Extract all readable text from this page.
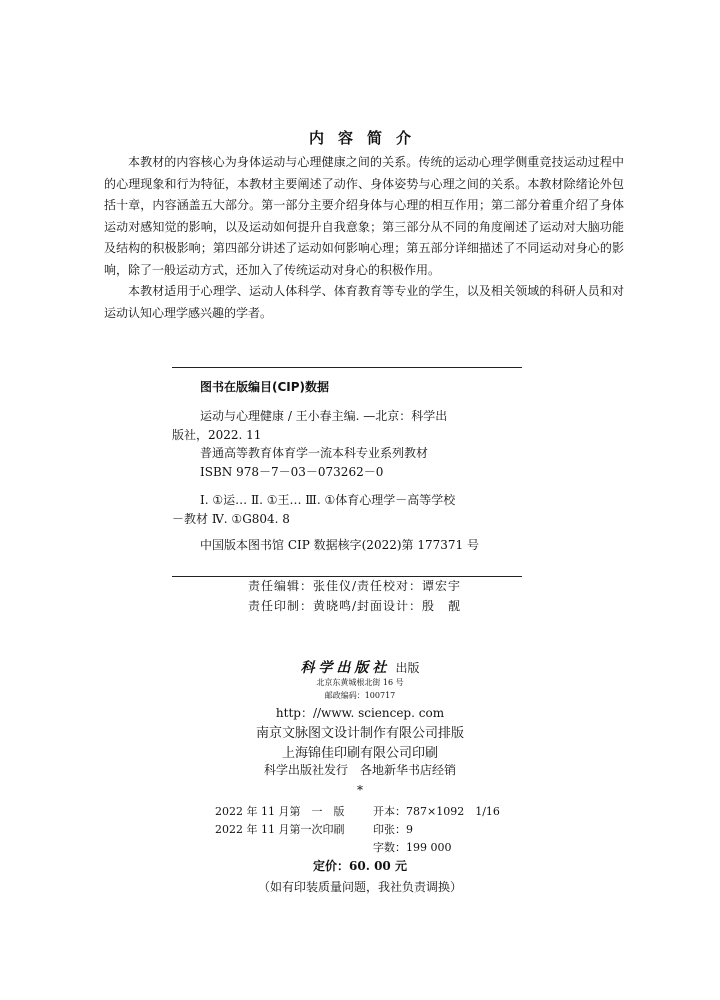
内容简介

本教材的内容核心为身体运动与心理健康之间的关系。传统的运动心理学侧重竞技运动过程中的心理现象和行为特征，本教材主要阐述了动作、身体姿势与心理之间的关系。本教材除绪论外包括十章，内容涵盖五大部分。第一部分主要介绍身体与心理的相互作用；第二部分着重介绍了身体运动对感知觉的影响，以及运动如何提升自我意象；第三部分从不同的角度阐述了运动对大脑功能及结构的积极影响；第四部分讲述了运动如何影响心理；第五部分详细描述了不同运动对身心的影响，除了一般运动方式，还加入了传统运动对身心的积极作用。

本教材适用于心理学、运动人体科学、体育教育等专业的学生，以及相关领域的科研人员和对运动认知心理学感兴趣的学者。

图书在版编目(CIP)数据

运动与心理健康 / 王小春主编. —北京：科学出

版社，2022. 11

普通高等教育体育学一流本科专业系列教材

ISBN 978－7－03－073262－0

Ⅰ. ①运… Ⅱ. ①王… Ⅲ. ①体育心理学－高等学校

－教材 Ⅳ. ①G804. 8

中国版本图书馆 CIP 数据核字(2022)第 177371 号

责任编辑：张佳仪/责任校对：谭宏宇
责任印制：黄晓鸣/封面设计：殷　靓
科学出版社 出版
北京东黄城根北街 16 号
邮政编码：100717
http：//www. sciencep. com
南京文脉图文设计制作有限公司排版
上海锦佳印刷有限公司印刷
科学出版社发行　各地新华书店经销
*
2022 年 11 月第　一　版	开本：787×1092　1/16
2022 年 11 月第一次印刷	印张：9
字数：199 000
定价：60. 00 元
（如有印装质量问题，我社负责调换）
